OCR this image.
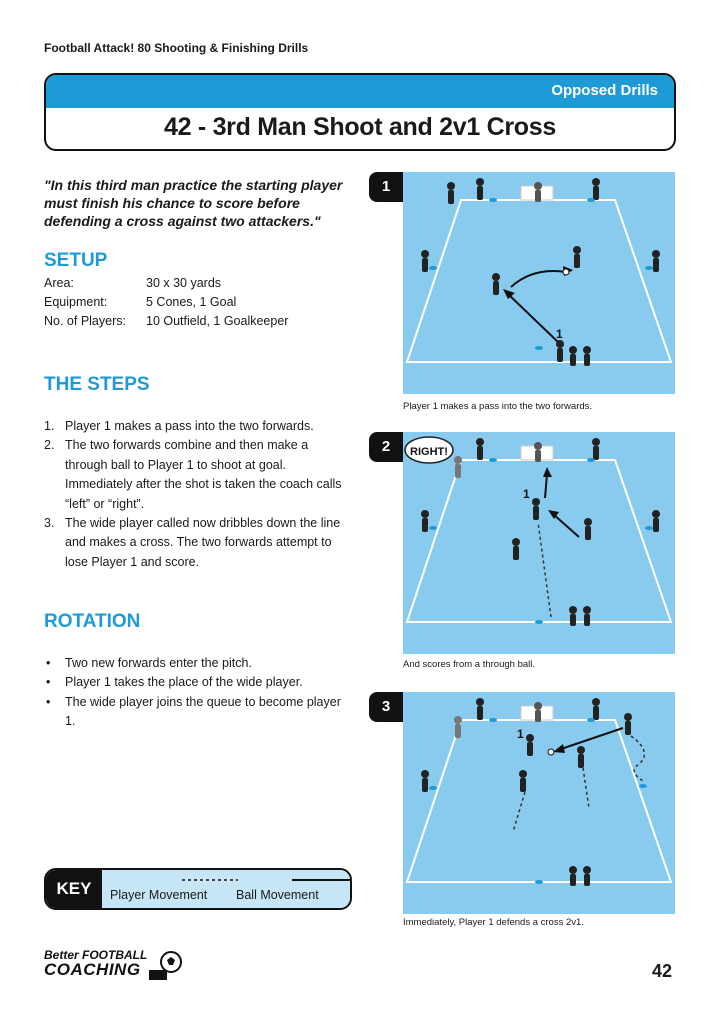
Football Attack! 80 Shooting & Finishing Drills
Opposed Drills
42 - 3rd Man Shoot and 2v1 Cross
"In this third man practice the starting player must finish his chance to score before defending a cross against two attackers."
SETUP
Area:	30 x 30 yards
Equipment:	5 Cones, 1 Goal
No. of Players: 10 Outfield, 1 Goalkeeper
THE STEPS
1. Player 1 makes a pass into the two forwards.
2. The two forwards combine and then make a through ball to Player 1 to shoot at goal. Immediately after the shot is taken the coach calls “left” or “right”.
3. The wide player called now dribbles down the line and makes a cross. The two forwards attempt to lose Player 1 and score.
ROTATION
• Two new forwards enter the pitch.
• Player 1 takes the place of the wide player.
• The wide player joins the queue to become player 1.
KEY	Player Movement Ball Movement
1
1
Player 1 makes a pass into the two forwards.
2	RIGHT!
1
And scores from a through ball.
3
1
Immediately, Player 1 defends a cross 2v1.
Better FOOTBALL
COACHING	42
